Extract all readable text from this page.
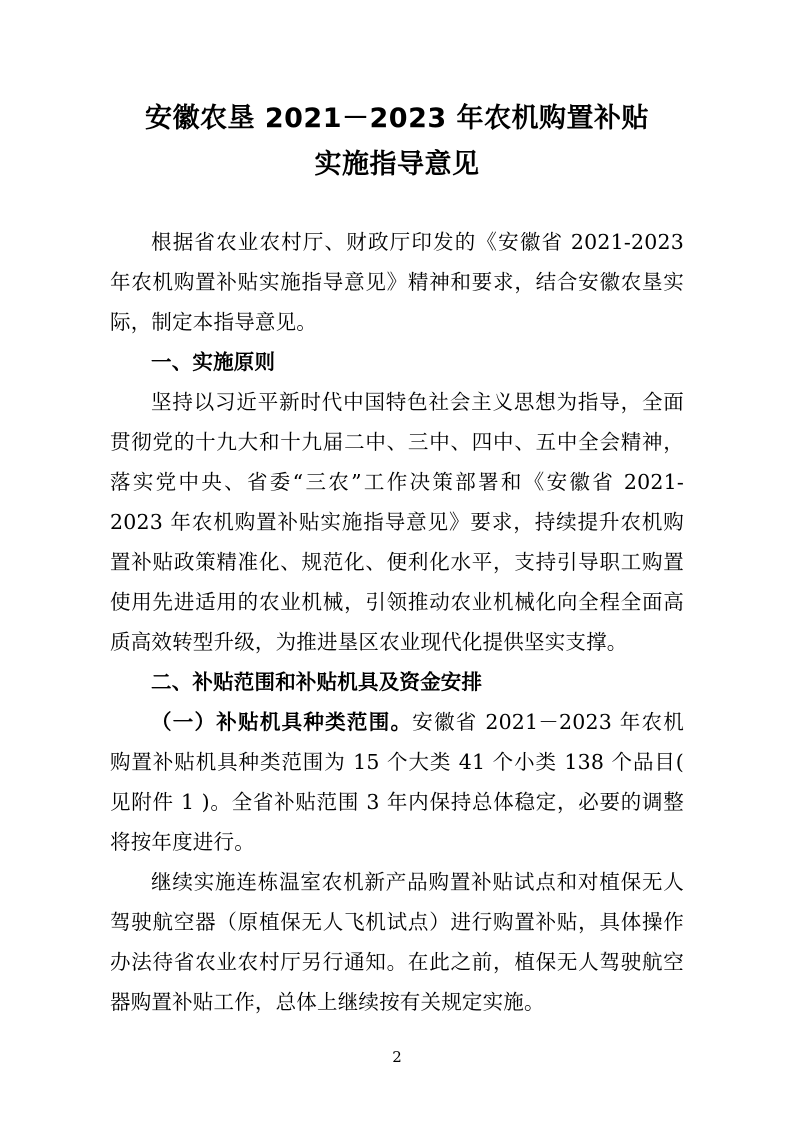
安徽农垦 2021－2023 年农机购置补贴
实施指导意见

根据省农业农村厅、财政厅印发的《安徽省 2021-2023 年农机购置补贴实施指导意见》精神和要求，结合安徽农垦实际，制定本指导意见。

一、实施原则

坚持以习近平新时代中国特色社会主义思想为指导，全面贯彻党的十九大和十九届二中、三中、四中、五中全会精神，落实党中央、省委“三农”工作决策部署和《安徽省 2021-2023 年农机购置补贴实施指导意见》要求，持续提升农机购置补贴政策精准化、规范化、便利化水平，支持引导职工购置使用先进适用的农业机械，引领推动农业机械化向全程全面高质高效转型升级，为推进垦区农业现代化提供坚实支撑。

二、补贴范围和补贴机具及资金安排

（一）补贴机具种类范围。安徽省 2021－2023 年农机购置补贴机具种类范围为 15 个大类 41 个小类 138 个品目( 见附件 1 )。全省补贴范围 3 年内保持总体稳定，必要的调整将按年度进行。

继续实施连栋温室农机新产品购置补贴试点和对植保无人驾驶航空器（原植保无人飞机试点）进行购置补贴，具体操作办法待省农业农村厅另行通知。在此之前，植保无人驾驶航空器购置补贴工作，总体上继续按有关规定实施。

2
